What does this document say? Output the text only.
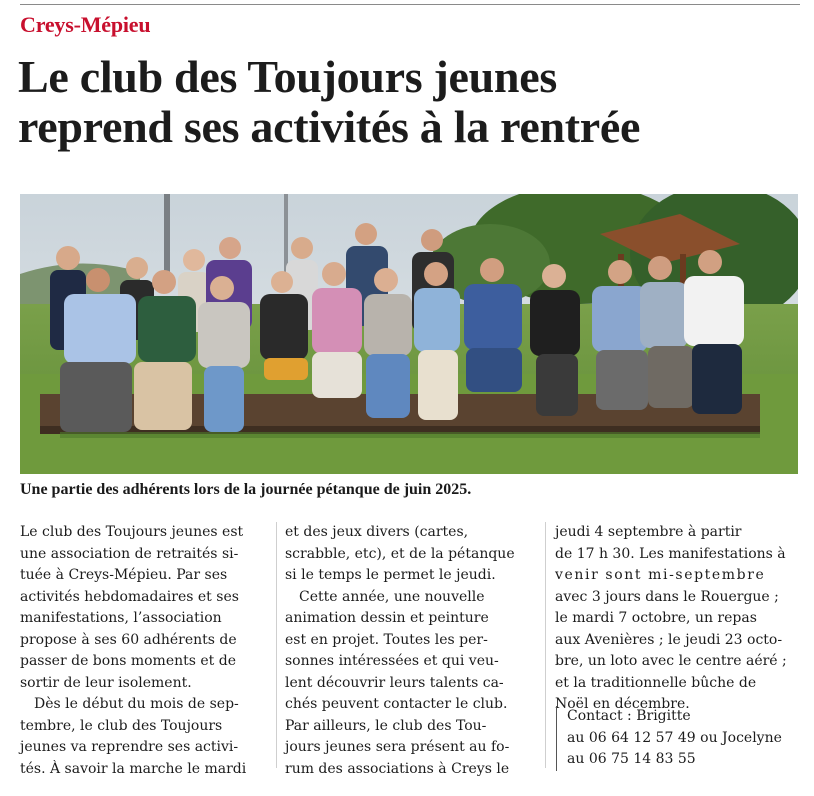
Creys-Mépieu
Le club des Toujours jeunes
reprend ses activités à la rentrée
Une partie des adhérents lors de la journée pétanque de juin 2025.

Le club des Toujours jeunes est
une association de retraités si-
tuée à Creys-Mépieu. Par ses
activités hebdomadaires et ses
manifestations, l’association
propose à ses 60 adhérents de
passer de bons moments et de
sortir de leur isolement.

Dès le début du mois de sep-
tembre, le club des Toujours
jeunes va reprendre ses activi-
tés. À savoir la marche le mardi

et des jeux divers (cartes,
scrabble, etc), et de la pétanque
si le temps le permet le jeudi.

Cette année, une nouvelle
animation dessin et peinture
est en projet. Toutes les per-
sonnes intéressées et qui veu-
lent découvrir leurs talents ca-
chés peuvent contacter le club.
Par ailleurs, le club des Tou-
jours jeunes sera présent au fo-
rum des associations à Creys le

jeudi 4 septembre à partir
de 17 h 30. Les manifestations à
venir sont mi-septembre
avec 3 jours dans le Rouergue ;
le mardi 7 octobre, un repas
aux Avenières ; le jeudi 23 octo-
bre, un loto avec le centre aéré ;
et la traditionnelle bûche de
Noël en décembre.

Contact : Brigitte
au 06 64 12 57 49 ou Jocelyne
au 06 75 14 83 55
